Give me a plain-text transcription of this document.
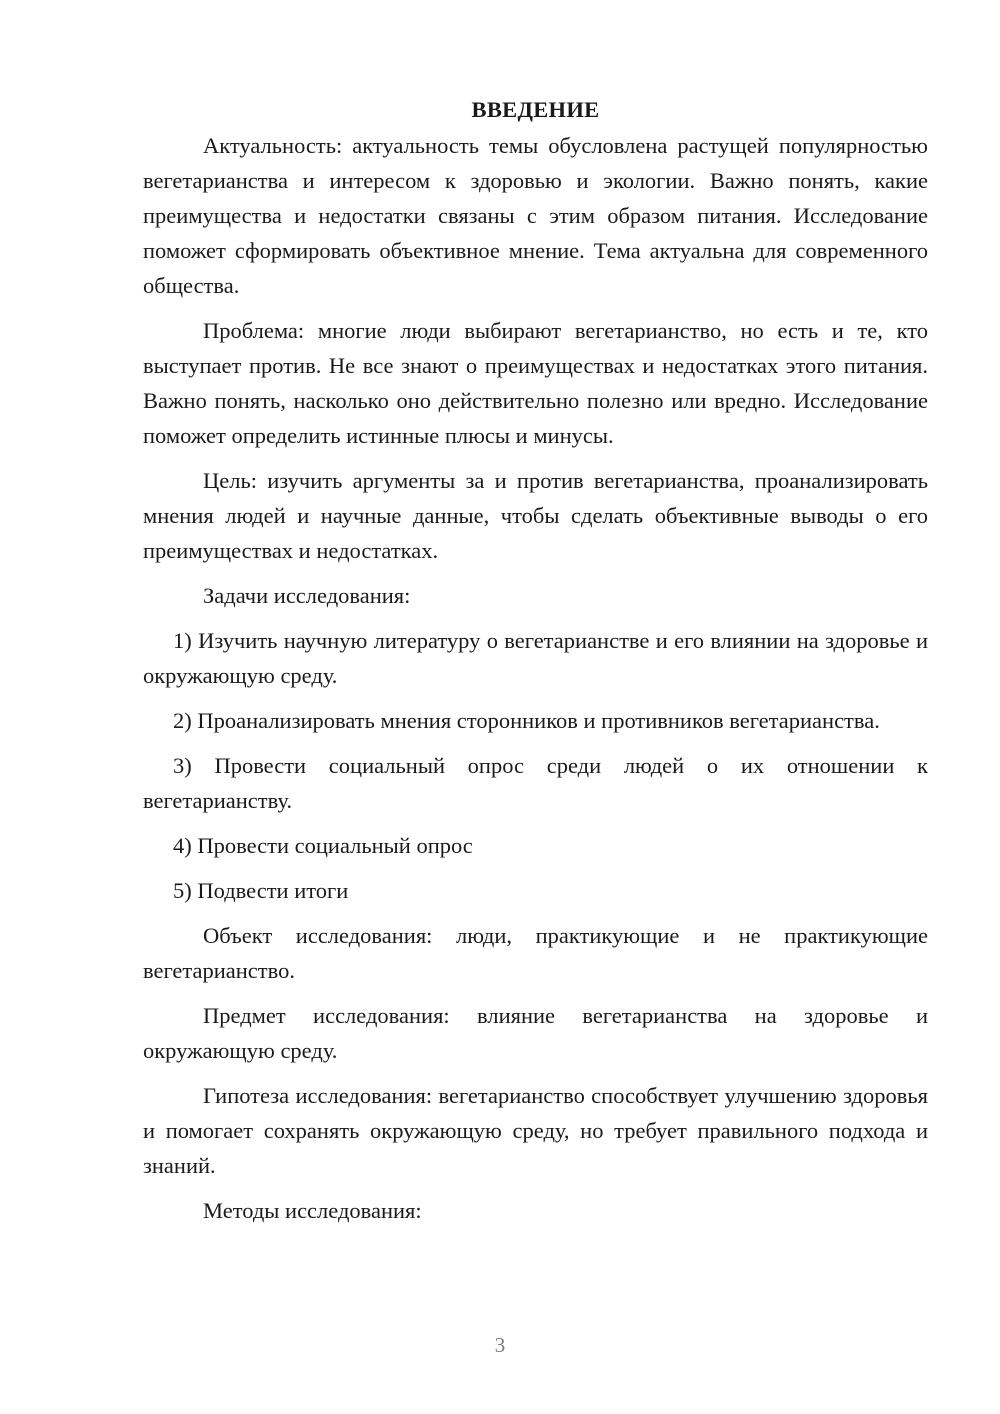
ВВЕДЕНИЕ

Актуальность: актуальность темы обусловлена растущей популярностью вегетарианства и интересом к здоровью и экологии. Важно понять, какие преимущества и недостатки связаны с этим образом питания. Исследование поможет сформировать объективное мнение. Тема актуальна для современного общества.

Проблема: многие люди выбирают вегетарианство, но есть и те, кто выступает против. Не все знают о преимуществах и недостатках этого питания. Важно понять, насколько оно действительно полезно или вредно. Исследование поможет определить истинные плюсы и минусы.

Цель: изучить аргументы за и против вегетарианства, проанализировать мнения людей и научные данные, чтобы сделать объективные выводы о его преимуществах и недостатках.

Задачи исследования:

1) Изучить научную литературу о вегетарианстве и его влиянии на здоровье и окружающую среду.

2) Проанализировать мнения сторонников и противников вегетарианства.

3) Провести социальный опрос среди людей о их отношении к вегетарианству.

4) Провести социальный опрос

5) Подвести итоги

Объект исследования: люди, практикующие и не практикующие вегетарианство.

Предмет исследования: влияние вегетарианства на здоровье и окружающую среду.

Гипотеза исследования: вегетарианство способствует улучшению здоровья и помогает сохранять окружающую среду, но требует правильного подхода и знаний.

Методы исследования:

3
